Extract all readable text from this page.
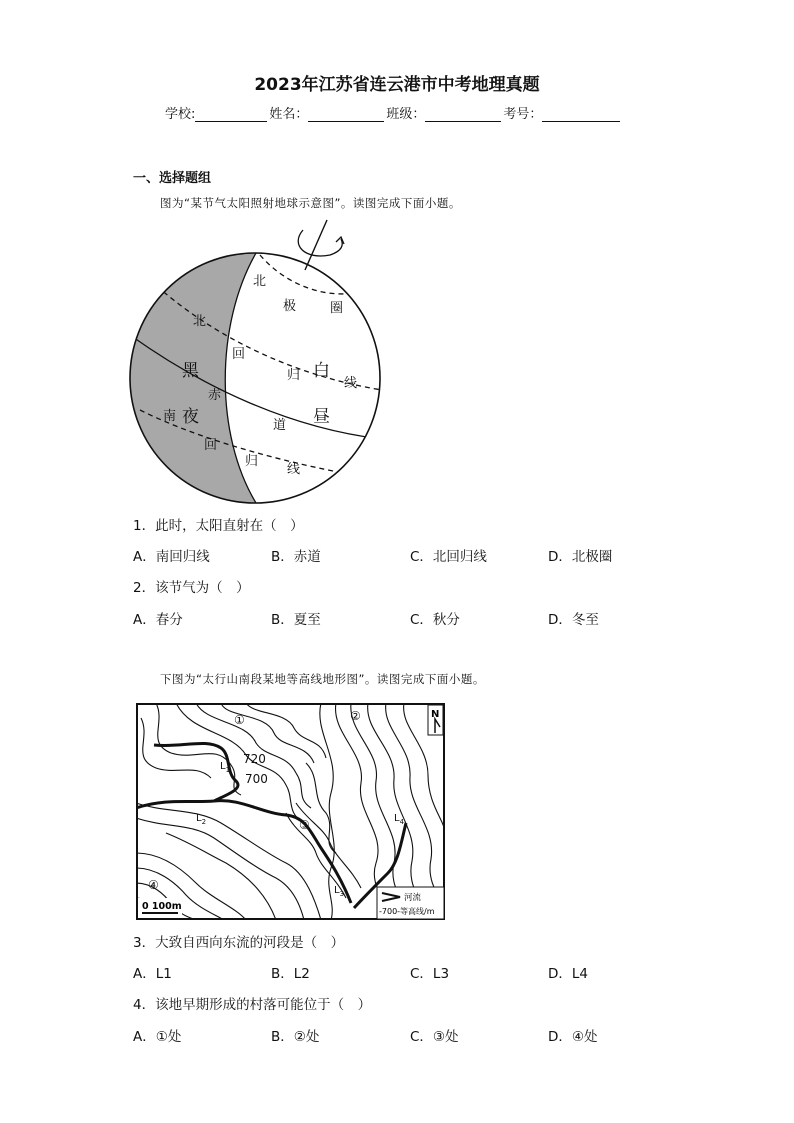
2023年江苏省连云港市中考地理真题
学校:	姓名：	班级：	考号：
一、选择题组
图为“某节气太阳照射地球示意图”。读图完成下面小题。
北
极	圈
北
回
归
线
赤
道
南
回
归
线
黑
夜
白
昼
1．此时，太阳直射在（　）
A．南回归线	B．赤道	C．北回归线	D．北极圈
2．该节气为（　）
A．春分	B．夏至	C．秋分	D．冬至
下图为“太行山南段某地等高线地形图”。读图完成下面小题。
N
①	②
③
④
720
700
$L_1$
$L_2$
$L_3$
$L_4$
0 100m
河流
-700-等高线/m
3．大致自西向东流的河段是（　）
A．L1	B．L2	C．L3	D．L4
4．该地早期形成的村落可能位于（　）
A．①处	B．②处	C．③处	D．④处
